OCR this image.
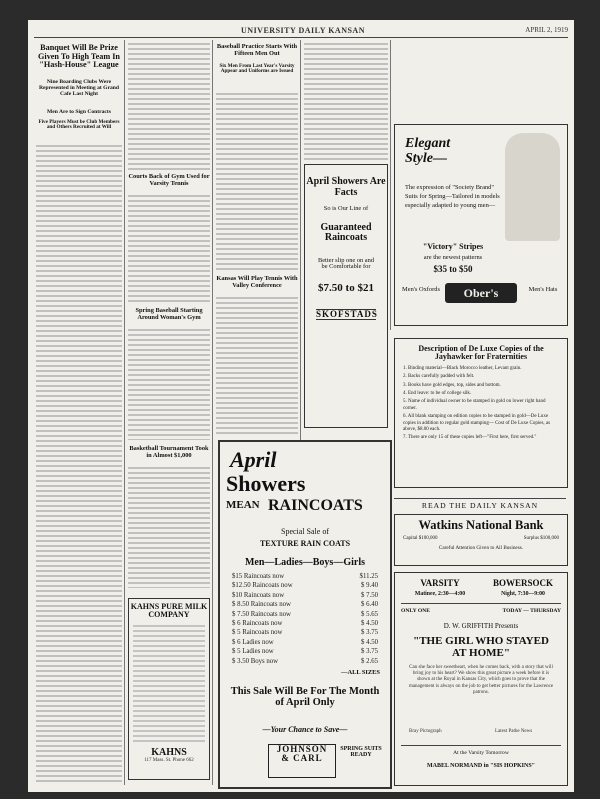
UNIVERSITY DAILY KANSAN	APRIL 2, 1919
Banquet Will Be Prize Given To High Team In "Hash-House" League
Nine Boarding Clubs Were Represented in Meeting at Grand Cafe Last Night
Men Are to Sign Contracts
Five Players Must be Club Members and Others Recruited at Will
Courts Back of Gym Used for Varsity Tennis
Spring Baseball Starting Around Woman's Gym
Basketball Tournament Took in Almost $1,000
KAHNS PURE MILK COMPANY
KAHNS
117 Mass. St. Phone 662
Baseball Practice Starts With Fifteen Men Out
Six Men From Last Year's Varsity Appear and Uniforms are Issued
Kansas Will Play Tennis With Valley Conference
April Showers Are Facts
So is Our Line of
Guaranteed Raincoats
Better slip one on and be Comfortable for
$7.50 to $21
SKOFSTADS
Elegant Style—
The expression of "Society Brand" Suits for Spring—Tailored in models especially adapted to young men—
"Victory" Stripes
are the newest patterns
$35 to $50
Men's Oxfords	Ober's	Men's Hats
Description of De Luxe Copies of the Jayhawker for Fraternities
1. Binding material—Black Morocco leather, Levant grain.
2. Backs carefully padded with felt.
3. Books have gold edges, top, sides and bottom.
4. End leave: to be of college silk.
5. Name of individual owner to be stamped in gold on lower right hand corner.
6. All blank stamping on edition copies to be stamped in gold—De Luxe copies in addition to regular gold stamping— Cost of De Luxe Copies, as above, $8.00 each.
7. There are only 15 of these copies left—"First here, first served."
April
Showers
MEAN RAINCOATS
Special Sale of
TEXTURE RAIN COATS
Men—Ladies—Boys—Girls
$15 Raincoats now	$11.25
$12.50 Raincoats now	$ 9.40
$10 Raincoats now	$ 7.50
$ 8.50 Raincoats now	$ 6.40
$ 7.50 Raincoats now	$ 5.65
$ 6 Raincoats now	$ 4.50
$ 5 Raincoats now	$ 3.75
$ 6 Ladies now	$ 4.50
$ 5 Ladies now	$ 3.75
$ 3.50 Boys now	$ 2.65
—ALL SIZES
This Sale Will Be For The Month of April Only
—Your Chance to Save—
JOHNSON
& CARL
SPRING SUITS READY
READ THE DAILY KANSAN
Watkins National Bank
Capital $100,000	Surplus $100,000
Careful Attention Given to All Business.
VARSITY
Matinee, 2:30—4:00
BOWERSOCK
Night, 7:30—9:00
ONLY ONE	TODAY — THURSDAY
D. W. GRIFFITH Presents
"THE GIRL WHO STAYED AT HOME"
Can she face her sweetheart, when he comes back, with a story that will bring joy to his heart? We show this great picture a week before it is shown at the Royal in Kansas City, which goes to prove that the management is always on the job to get better pictures for the Lawrence patrons.
Bray Pictograph	Latest Pathe News
At the Varsity Tomorrow
MABEL NORMAND in "SIS HOPKINS"
